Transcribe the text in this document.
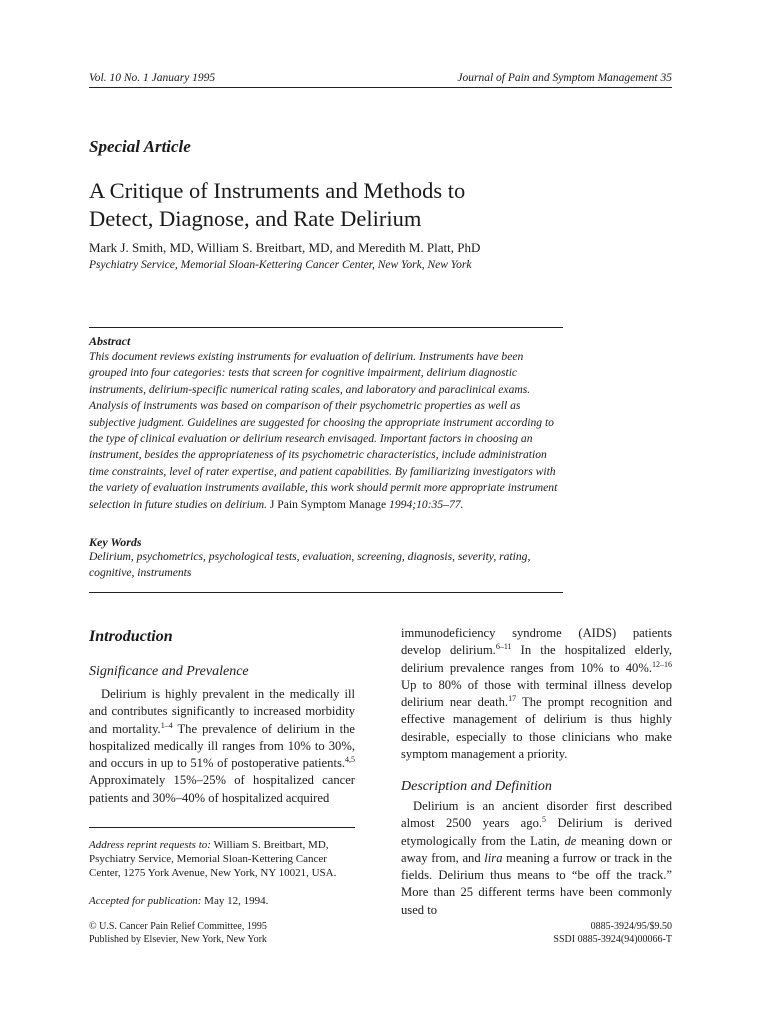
Vol. 10 No. 1 January 1995	Journal of Pain and Symptom Management 35
Special Article
A Critique of Instruments and Methods to
Detect, Diagnose, and Rate Delirium
Mark J. Smith, MD, William S. Breitbart, MD, and Meredith M. Platt, PhD
Psychiatry Service, Memorial Sloan-Kettering Cancer Center, New York, New York
Abstract
This document reviews existing instruments for evaluation of delirium. Instruments have been grouped into four categories: tests that screen for cognitive impairment, delirium diagnostic instruments, delirium-specific numerical rating scales, and laboratory and paraclinical exams. Analysis of instruments was based on comparison of their psychometric properties as well as subjective judgment. Guidelines are suggested for choosing the appropriate instrument according to the type of clinical evaluation or delirium research envisaged. Important factors in choosing an instrument, besides the appropriateness of its psychometric characteristics, include administration time constraints, level of rater expertise, and patient capabilities. By familiarizing investigators with the variety of evaluation instruments available, this work should permit more appropriate instrument selection in future studies on delirium. J Pain Symptom Manage 1994;10:35–77.
Key Words
Delirium, psychometrics, psychological tests, evaluation, screening, diagnosis, severity, rating, cognitive, instruments
Introduction
Significance and Prevalence

Delirium is highly prevalent in the medically ill and contributes significantly to increased morbidity and mortality.$^{1-4}$ The prevalence of delirium in the hospitalized medically ill ranges from 10% to 30%, and occurs in up to 51% of postoperative patients.$^{4,5}$ Approximately 15%–25% of hospitalized cancer patients and 30%–40% of hospitalized acquired

Address reprint requests to: William S. Breitbart, MD, Psychiatry Service, Memorial Sloan-Kettering Cancer Center, 1275 York Avenue, New York, NY 10021, USA.
Accepted for publication: May 12, 1994.

immunodeficiency syndrome (AIDS) patients develop delirium.$^{6-11}$ In the hospitalized elderly, delirium prevalence ranges from 10% to 40%.$^{12-16}$ Up to 80% of those with terminal illness develop delirium near death.$^{17}$ The prompt recognition and effective management of delirium is thus highly desirable, especially to those clinicians who make symptom management a priority.

Description and Definition

Delirium is an ancient disorder first described almost 2500 years ago.$^5$ Delirium is derived etymologically from the Latin, de meaning down or away from, and lira meaning a furrow or track in the fields. Delirium thus means to “be off the track.” More than 25 different terms have been commonly used to

© U.S. Cancer Pain Relief Committee, 1995
Published by Elsevier, New York, New York
0885-3924/95/$9.50
SSDI 0885-3924(94)00066-T
